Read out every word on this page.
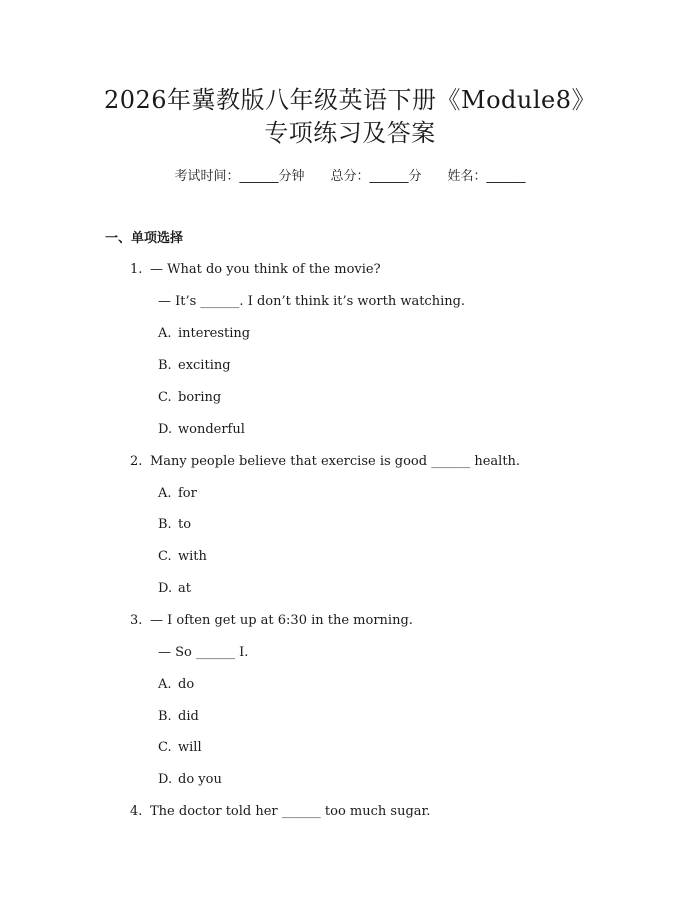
2026年冀教版八年级英语下册《Module8》
专项练习及答案
考试时间：______分钟 总分：______分 姓名：______
一、单项选择
1. — What do you think of the movie?
— It’s ______. I don’t think it’s worth watching.
A. interesting
B. exciting
C. boring
D. wonderful
2. Many people believe that exercise is good ______ health.
A. for
B. to
C. with
D. at
3. — I often get up at 6:30 in the morning.
— So ______ I.
A. do
B. did
C. will
D. do you
4. The doctor told her ______ too much sugar.
